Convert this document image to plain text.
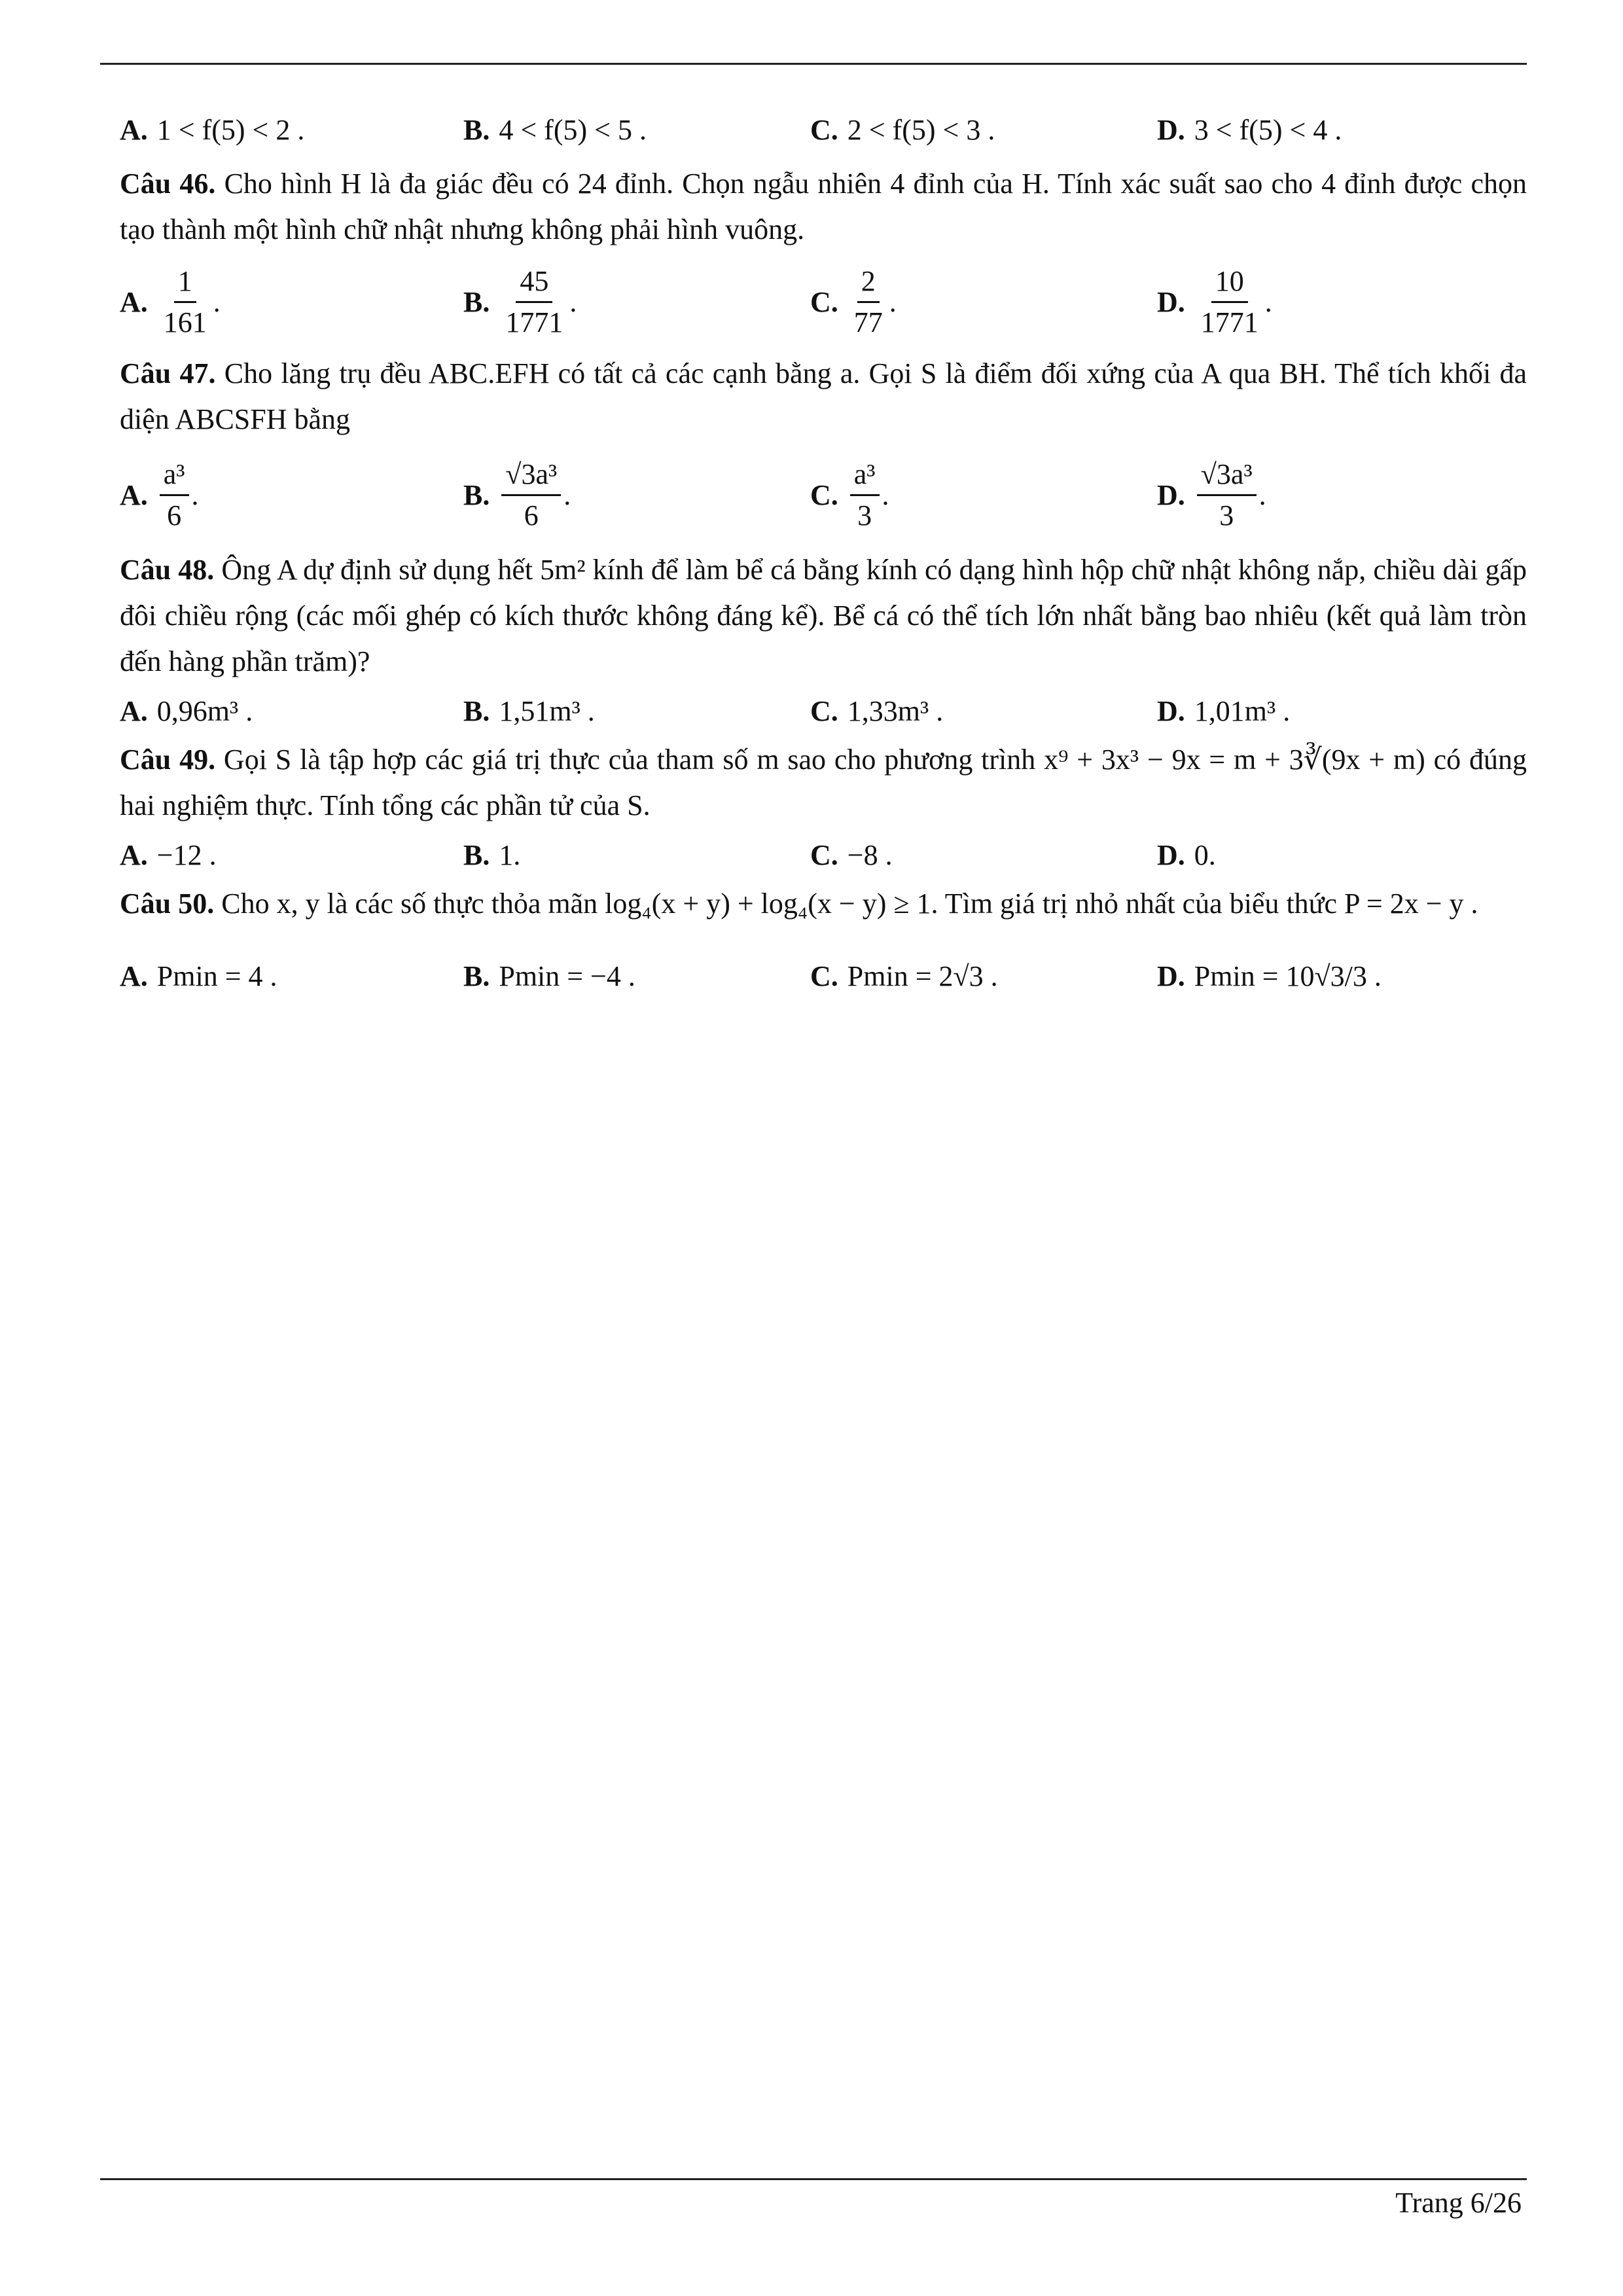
A. 1 < f(5) < 2 .	B. 4 < f(5) < 5 .	C. 2 < f(5) < 3 .	D. 3 < f(5) < 4 .

Câu 46. Cho hình H là đa giác đều có 24 đỉnh. Chọn ngẫu nhiên 4 đỉnh của H. Tính xác suất sao cho 4 đỉnh được chọn tạo thành một hình chữ nhật nhưng không phải hình vuông.

A. $\frac{1}{161}$ .	B. $\frac{45}{1771}$ .	C. $\frac{2}{77}$ .	D. $\frac{10}{1771}$ .

Câu 47. Cho lăng trụ đều ABC.EFH có tất cả các cạnh bằng a. Gọi S là điểm đối xứng của A qua BH. Thể tích khối đa diện ABCSFH bằng

A. $\frac{\text{a³}}{6}$ .	B. $\frac{\text{√3a³}}{6}$ .	C. $\frac{\text{a³}}{3}$ .	D. $\frac{\text{√3a³}}{3}$ .

Câu 48. Ông A dự định sử dụng hết 5m² kính để làm bể cá bằng kính có dạng hình hộp chữ nhật không nắp, chiều dài gấp đôi chiều rộng (các mối ghép có kích thước không đáng kể). Bể cá có thể tích lớn nhất bằng bao nhiêu (kết quả làm tròn đến hàng phần trăm)?

A. 0,96m³ .	B. 1,51m³ .	C. 1,33m³ .	D. 1,01m³ .

Câu 49. Gọi S là tập hợp các giá trị thực của tham số m sao cho phương trình x⁹ + 3x³ − 9x = m + 3∛(9x + m) có đúng hai nghiệm thực. Tính tổng các phần tử của S.

A. −12 .	B. 1.	C. −8 .	D. 0.

Câu 50. Cho x, y là các số thực thỏa mãn log₄(x + y) + log₄(x − y) ≥ 1. Tìm giá trị nhỏ nhất của biểu thức P = 2x − y .

A. Pmin = 4 .	B. Pmin = −4 .	C. Pmin = 2√3 .	D. Pmin = 10√3/3 .
Trang 6/26
